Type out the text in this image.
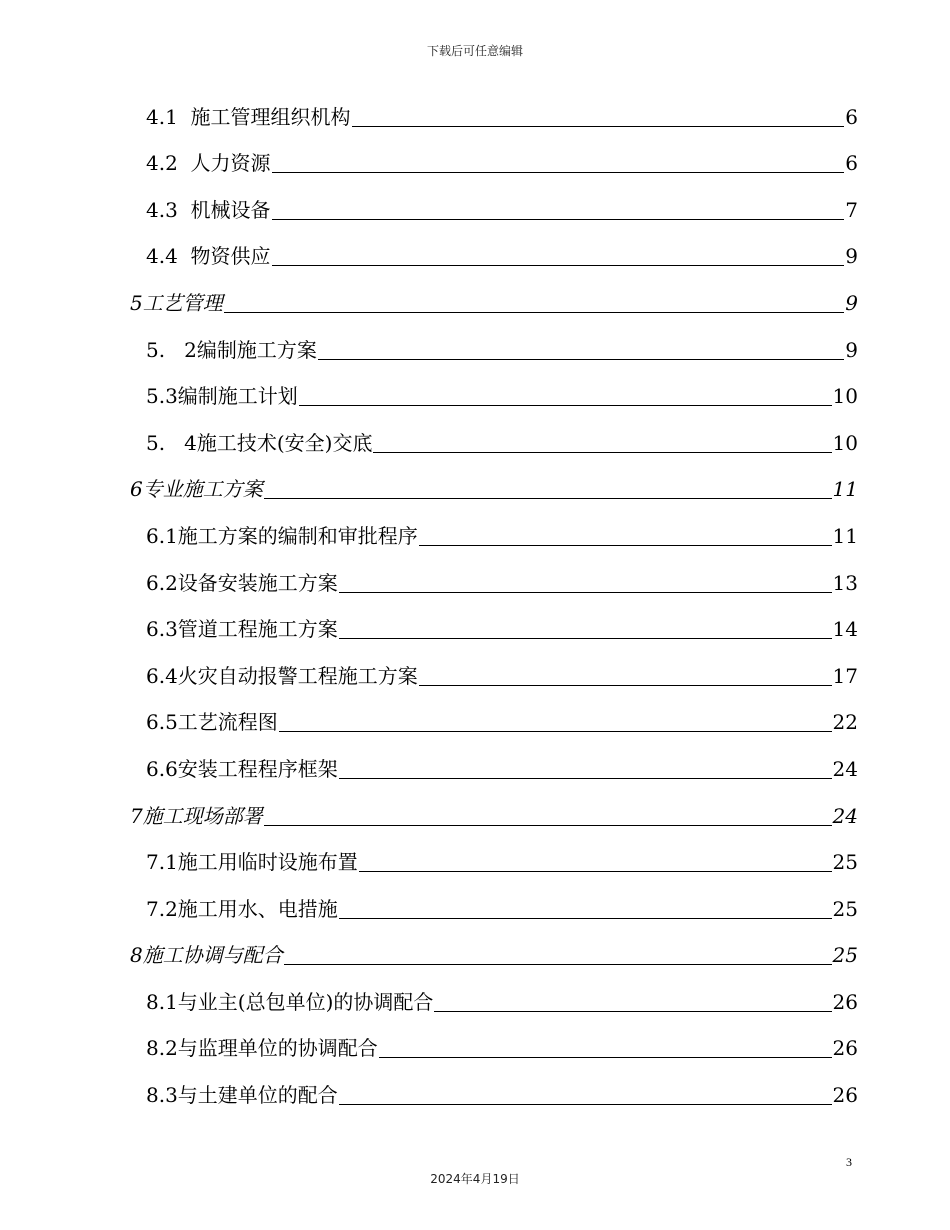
下载后可任意编辑
4.1  施工管理组织机构	6
4.2  人力资源	6
4.3  机械设备	7
4.4  物资供应	9
5工艺管理	9
5.   2编制施工方案	9
5.3编制施工计划	10
5.   4施工技术(安全)交底	10
6专业施工方案	11
6.1施工方案的编制和审批程序	11
6.2设备安装施工方案	13
6.3管道工程施工方案	14
6.4火灾自动报警工程施工方案	17
6.5工艺流程图	22
6.6安装工程程序框架	24
7施工现场部署	24
7.1施工用临时设施布置	25
7.2施工用水、电措施	25
8施工协调与配合	25
8.1与业主(总包单位)的协调配合	26
8.2与监理单位的协调配合	26
8.3与土建单位的配合	26
3
2024年4月19日
